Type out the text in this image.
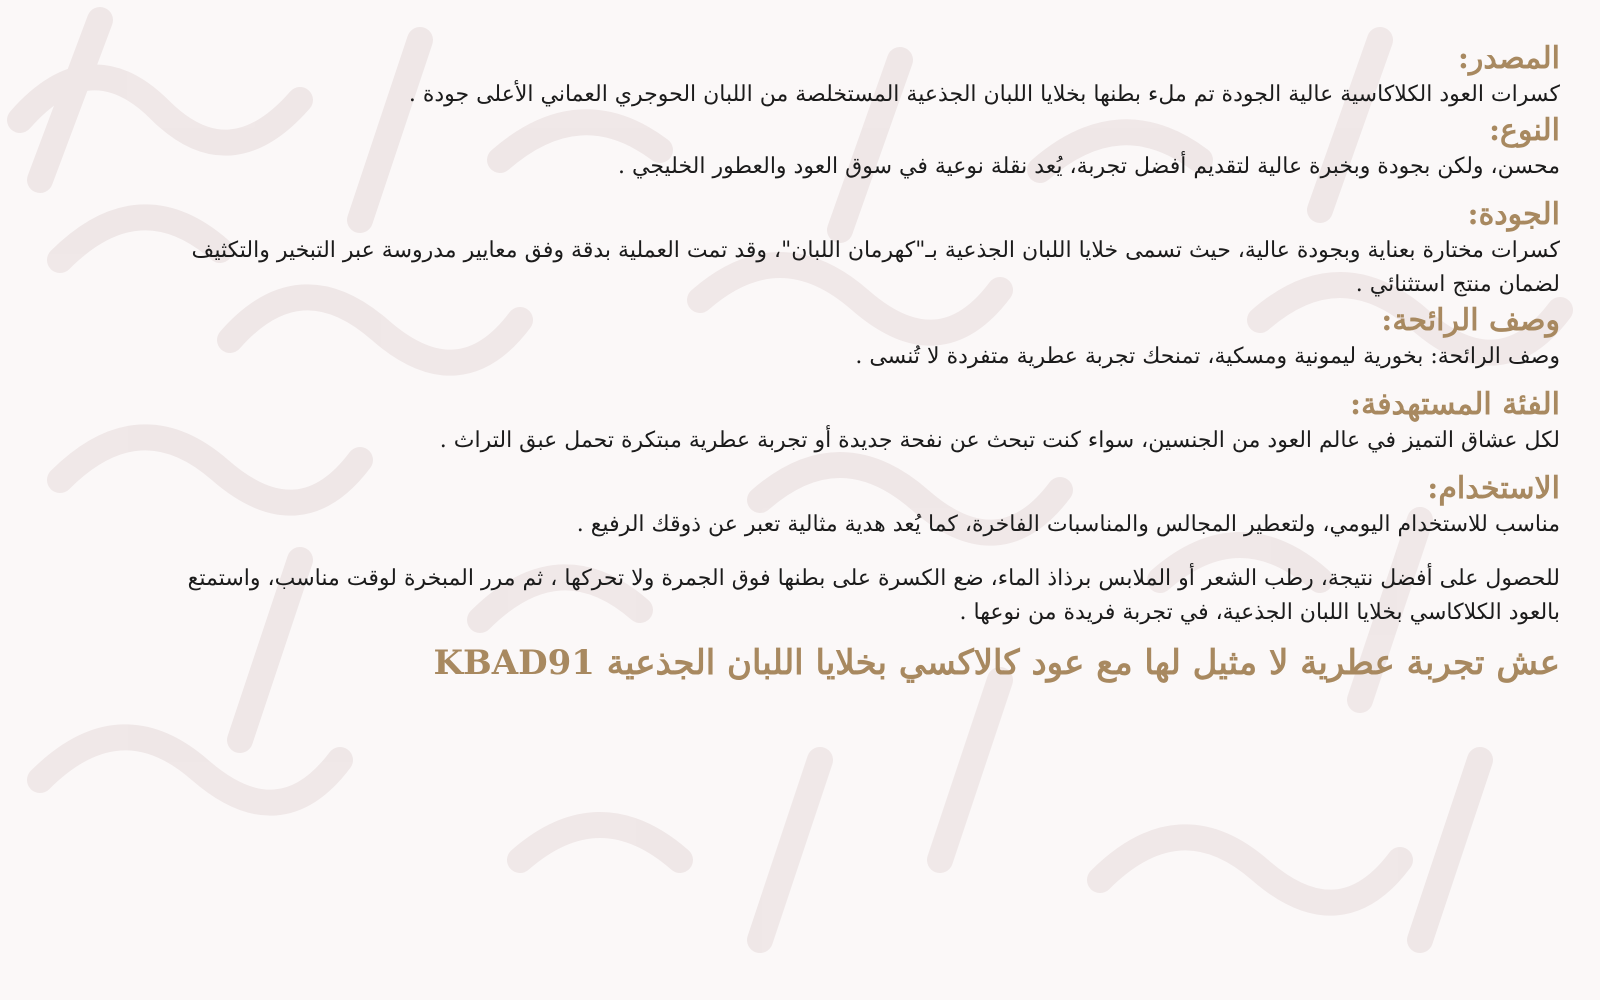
المصدر:
كسرات العود الكلاكاسية عالية الجودة تم ملء بطنها بخلايا اللبان الجذعية المستخلصة من اللبان الحوجري العماني الأعلى جودة .
النوع:
محسن، ولكن بجودة وبخبرة عالية لتقديم أفضل تجربة، يُعد نقلة نوعية في سوق العود والعطور الخليجي .
الجودة:
كسرات مختارة بعناية وبجودة عالية، حيث تسمى خلايا اللبان الجذعية بـ"كهرمان اللبان"، وقد تمت العملية بدقة وفق معايير مدروسة عبر التبخير والتكثيف
لضمان منتج استثنائي .
وصف الرائحة:
وصف الرائحة: بخورية ليمونية ومسكية، تمنحك تجربة عطرية متفردة لا تُنسى .
الفئة المستهدفة:
لكل عشاق التميز في عالم العود من الجنسين، سواء كنت تبحث عن نفحة جديدة أو تجربة عطرية مبتكرة تحمل عبق التراث .
الاستخدام:
مناسب للاستخدام اليومي، ولتعطير المجالس والمناسبات الفاخرة، كما يُعد هدية مثالية تعبر عن ذوقك الرفيع .
للحصول على أفضل نتيجة، رطب الشعر أو الملابس برذاذ الماء، ضع الكسرة على بطنها فوق الجمرة ولا تحركها ، ثم مرر المبخرة لوقت مناسب، واستمتع
بالعود الكلاكاسي بخلايا اللبان الجذعية، في تجربة فريدة من نوعها .
عش تجربة عطرية لا مثيل لها مع عود كالاكسي بخلايا اللبان الجذعية KBAD91
